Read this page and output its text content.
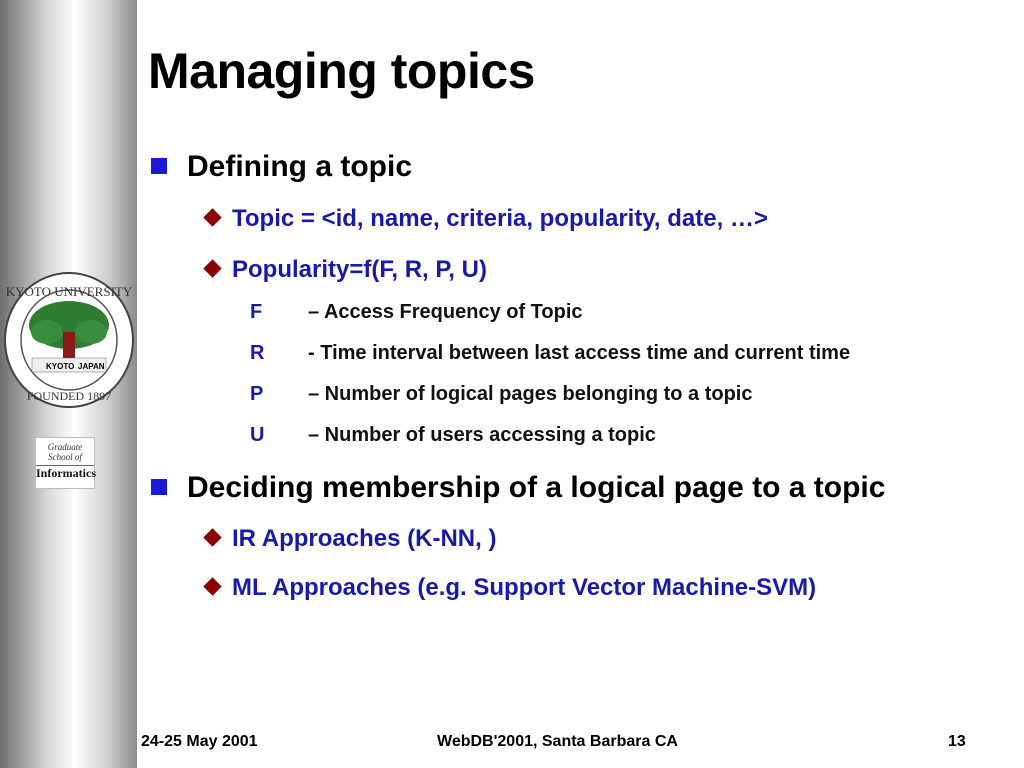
KYOTO JAPAN
KYOTO UNIVERSITY
FOUNDED 1897
Graduate School of
Informatics
Managing topics
Defining a topic
Topic = <id, name, criteria, popularity, date, …>
Popularity=f(F, R, P, U)
F – Access Frequency of Topic
R - Time interval between last access time and current time
P – Number of logical pages belonging to a topic
U – Number of users accessing a topic
Deciding membership of a logical page to a topic
IR Approaches (K-NN, )
ML Approaches (e.g. Support Vector Machine-SVM)
24-25 May 2001	WebDB'2001, Santa Barbara CA	13
